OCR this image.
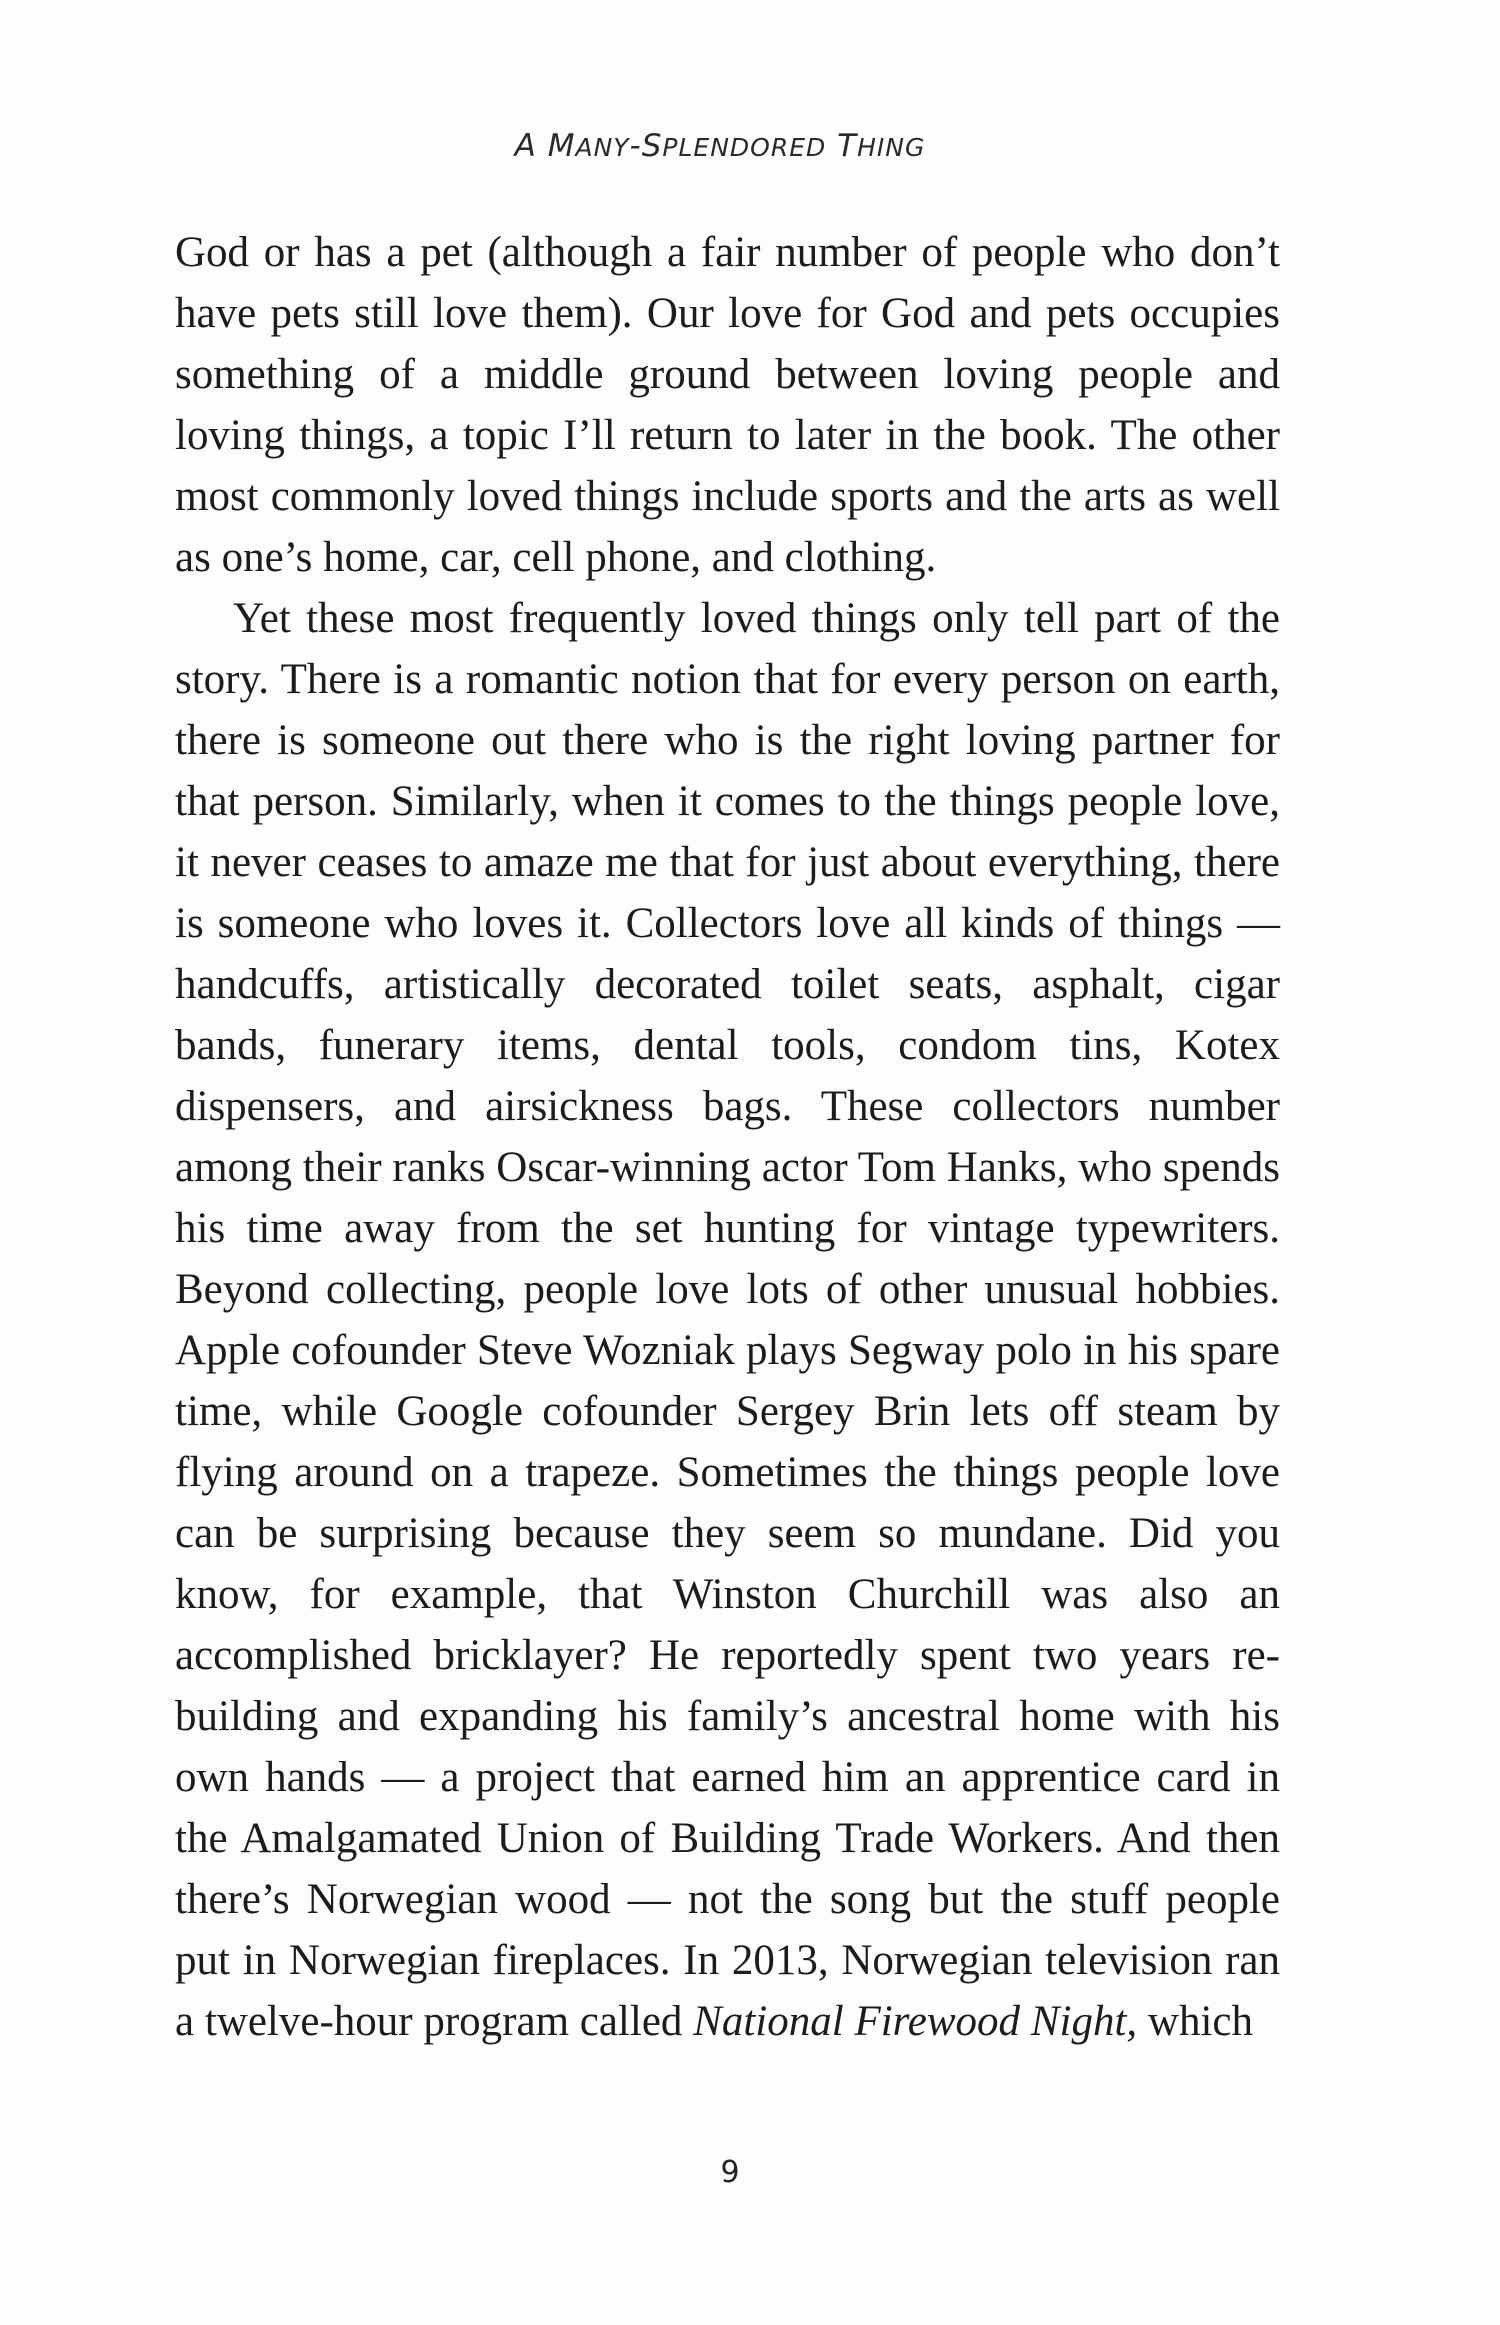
A MANY-SPLENDORED THING

God or has a pet (although a fair number of people who don’t have pets still love them). Our love for God and pets occupies something of a middle ground between loving people and loving things, a topic I’ll return to later in the book. The other most commonly loved things include sports and the arts as well as one’s home, car, cell phone, and clothing.

Yet these most frequently loved things only tell part of the story. There is a romantic notion that for every person on earth, there is someone out there who is the right loving partner for that person. Similarly, when it comes to the things people love, it never ceases to amaze me that for just about everything, there is someone who loves it. Collectors love all kinds of things — handcuffs, artistically decorated toilet seats, asphalt, cigar bands, funerary items, dental tools, condom tins, Kotex dispensers, and airsickness bags. These collectors number among their ranks Oscar-winning actor Tom Hanks, who spends his time away from the set hunting for vintage typewriters. Beyond collecting, people love lots of other unusual hobbies. Apple cofounder Steve Wozniak plays Segway polo in his spare time, while Google cofounder Sergey Brin lets off steam by flying around on a trapeze. Sometimes the things people love can be surprising because they seem so mundane. Did you know, for example, that Winston Churchill was also an accomplished bricklayer? He reportedly spent two years rebuilding and expanding his family’s ancestral home with his own hands — a project that earned him an apprentice card in the Amalgamated Union of Building Trade Workers. And then there’s Norwegian wood — not the song but the stuff people put in Norwegian fireplaces. In 2013, Norwegian television ran a twelve-hour program called National Firewood Night, which

9
